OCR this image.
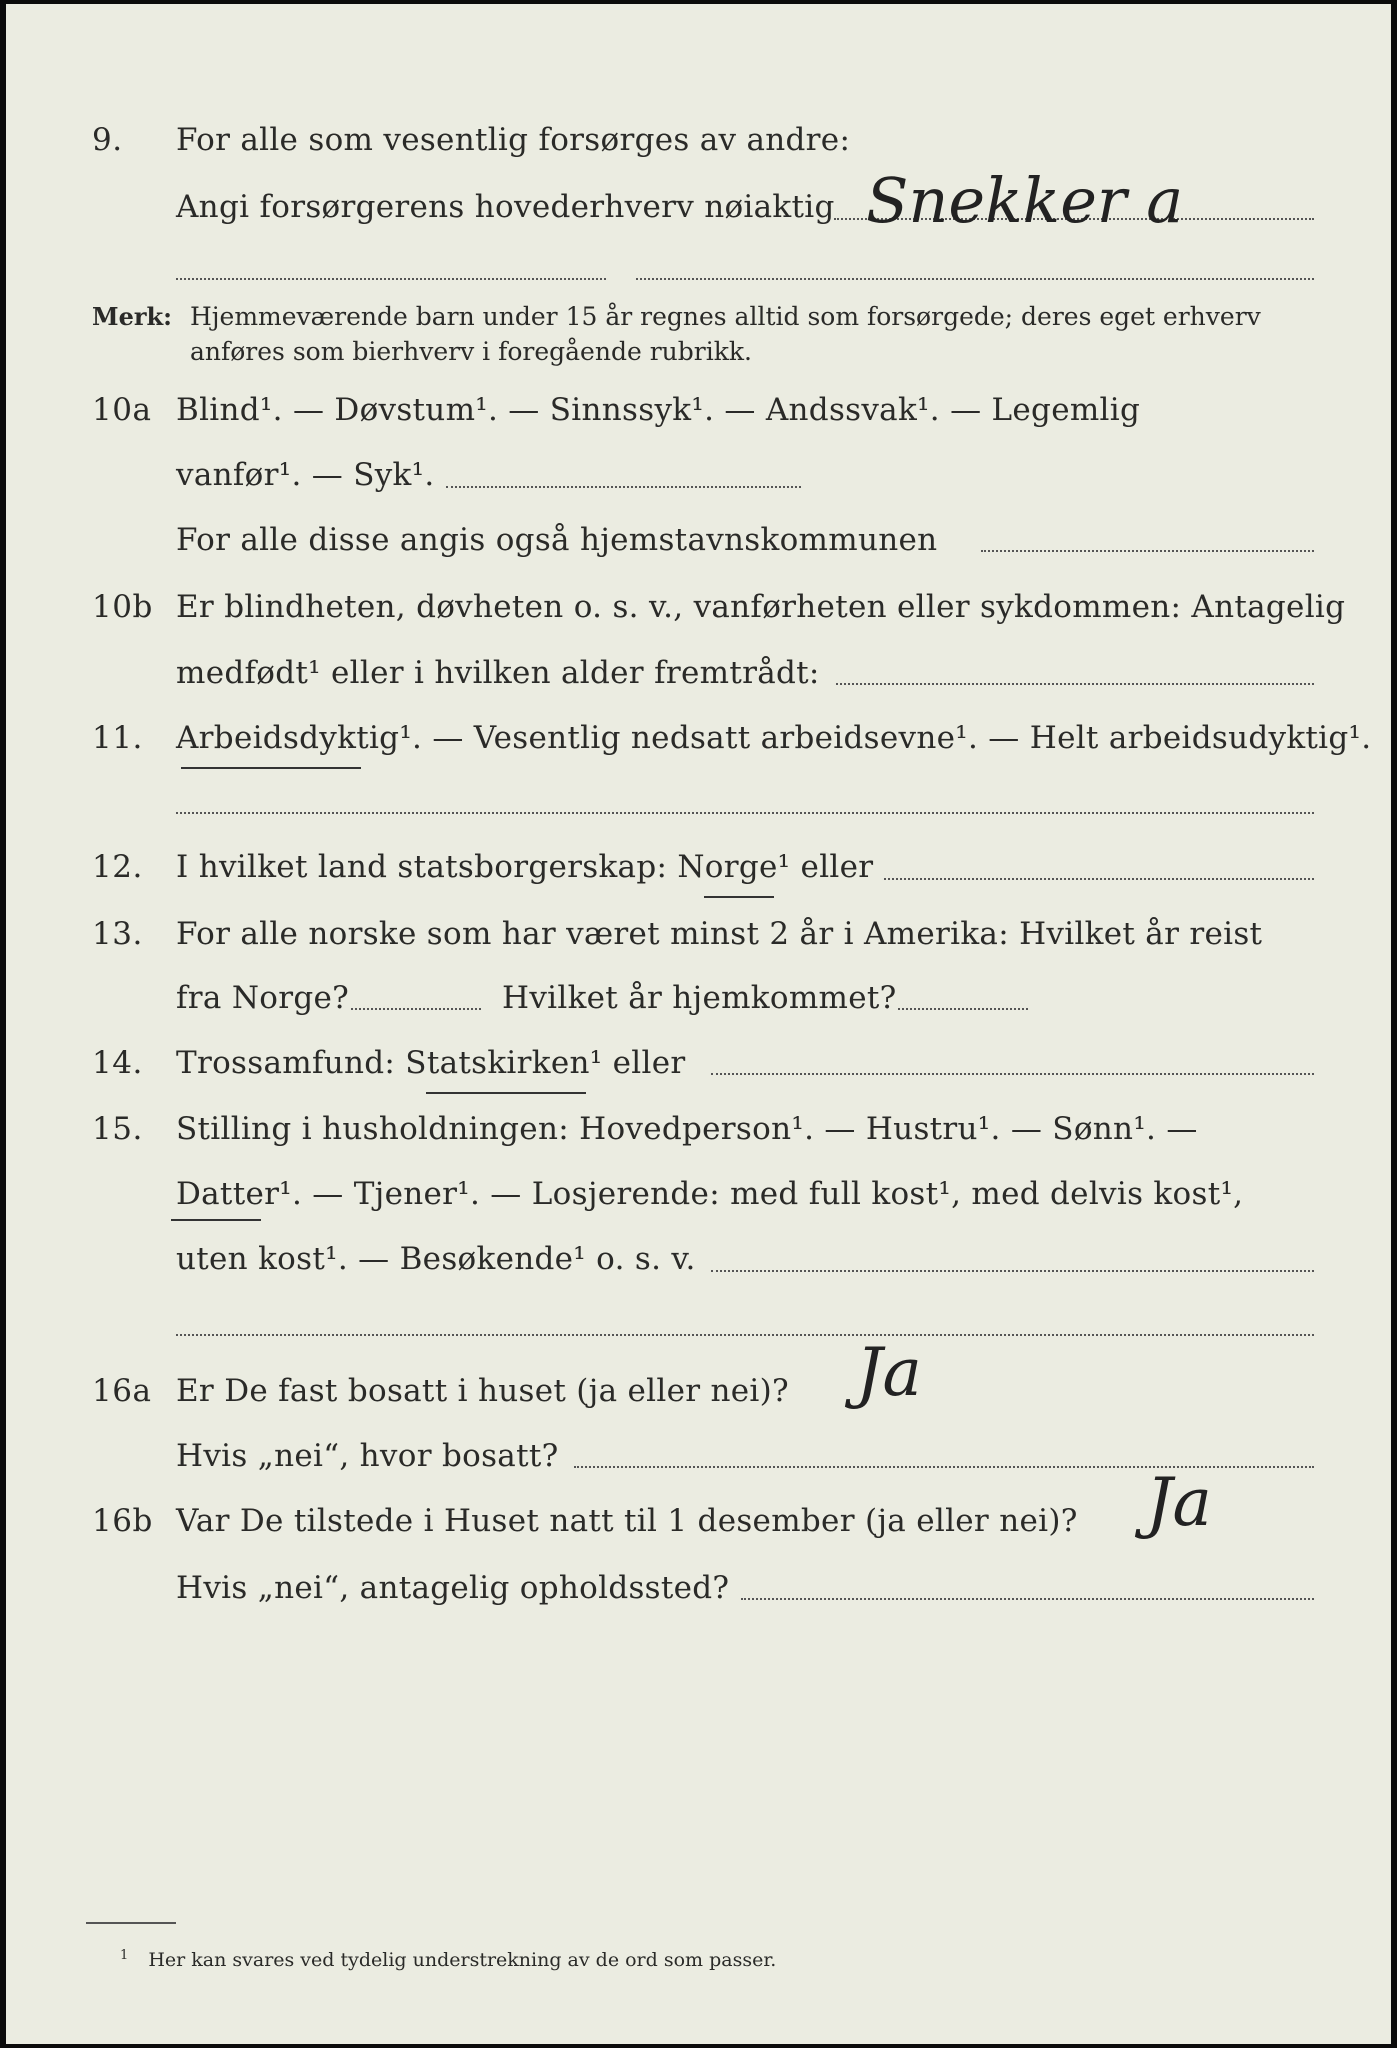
9. For alle som vesentlig forsørges av andre:
Angi forsørgerens hovederhverv nøiaktig Snekker a
Merk: Hjemmeværende barn under 15 år regnes alltid som forsørgede; deres eget erhverv
anføres som bierhverv i foregående rubrikk.
10a Blind¹. — Døvstum¹. — Sinnssyk¹. — Andssvak¹. — Legemlig
vanfør¹. — Syk¹.
For alle disse angis også hjemstavnskommunen
10b Er blindheten, døvheten o. s. v., vanførheten eller sykdommen: Antagelig
medfødt¹ eller i hvilken alder fremtrådt:
11. Arbeidsdyktig¹. — Vesentlig nedsatt arbeidsevne¹. — Helt arbeidsudyktig¹.
12. I hvilket land statsborgerskap: Norge¹ eller
13. For alle norske som har været minst 2 år i Amerika: Hvilket år reist
fra Norge?	Hvilket år hjemkommet?
14. Trossamfund: Statskirken¹ eller
15. Stilling i husholdningen: Hovedperson¹. — Hustru¹. — Sønn¹. —
Datter¹. — Tjener¹. — Losjerende: med full kost¹, med delvis kost¹,
uten kost¹. — Besøkende¹ o. s. v.
16a Er De fast bosatt i huset (ja eller nei)? Ja
Hvis „nei“, hvor bosatt?
16b Var De tilstede i Huset natt til 1 desember (ja eller nei)? Ja
Hvis „nei“, antagelig opholdssted?
$^1$ Her kan svares ved tydelig understrekning av de ord som passer.
